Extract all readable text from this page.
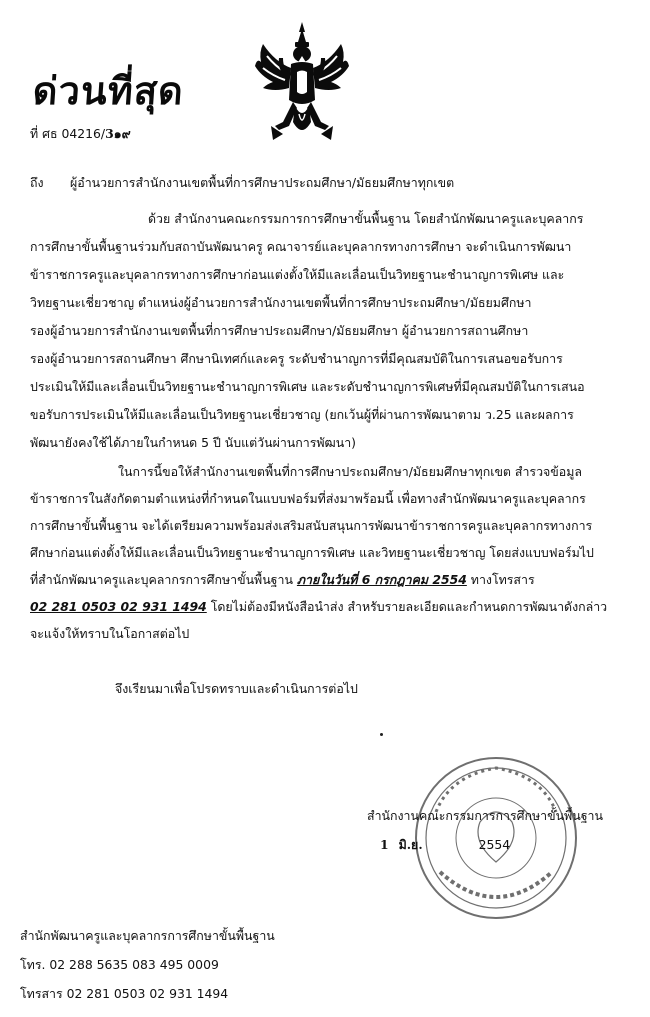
ด่วนที่สุด
ที่ ศธ 04216/3๑๙
ถึง ผู้อำนวยการสำนักงานเขตพื้นที่การศึกษาประถมศึกษา/มัธยมศึกษาทุกเขต
ด้วย สำนักงานคณะกรรมการการศึกษาขั้นพื้นฐาน โดยสำนักพัฒนาครูและบุคลากร
การศึกษาขั้นพื้นฐานร่วมกับสถาบันพัฒนาครู คณาจารย์และบุคลากรทางการศึกษา จะดำเนินการพัฒนา
ข้าราชการครูและบุคลากรทางการศึกษาก่อนแต่งตั้งให้มีและเลื่อนเป็นวิทยฐานะชำนาญการพิเศษ และ
วิทยฐานะเชี่ยวชาญ ตำแหน่งผู้อำนวยการสำนักงานเขตพื้นที่การศึกษาประถมศึกษา/มัธยมศึกษา
รองผู้อำนวยการสำนักงานเขตพื้นที่การศึกษาประถมศึกษา/มัธยมศึกษา ผู้อำนวยการสถานศึกษา
รองผู้อำนวยการสถานศึกษา ศึกษานิเทศก์และครู ระดับชำนาญการที่มีคุณสมบัติในการเสนอขอรับการ
ประเมินให้มีและเลื่อนเป็นวิทยฐานะชำนาญการพิเศษ และระดับชำนาญการพิเศษที่มีคุณสมบัติในการเสนอ
ขอรับการประเมินให้มีและเลื่อนเป็นวิทยฐานะเชี่ยวชาญ (ยกเว้นผู้ที่ผ่านการพัฒนาตาม ว.25 และผลการ
พัฒนายังคงใช้ได้ภายในกำหนด 5 ปี นับแต่วันผ่านการพัฒนา)
ในการนี้ขอให้สำนักงานเขตพื้นที่การศึกษาประถมศึกษา/มัธยมศึกษาทุกเขต สำรวจข้อมูล
ข้าราชการในสังกัดตามตำแหน่งที่กำหนดในแบบฟอร์มที่ส่งมาพร้อมนี้ เพื่อทางสำนักพัฒนาครูและบุคลากร
การศึกษาขั้นพื้นฐาน จะได้เตรียมความพร้อมส่งเสริมสนับสนุนการพัฒนาข้าราชการครูและบุคลากรทางการ
ศึกษาก่อนแต่งตั้งให้มีและเลื่อนเป็นวิทยฐานะชำนาญการพิเศษ และวิทยฐานะเชี่ยวชาญ โดยส่งแบบฟอร์มไป
ที่สำนักพัฒนาครูและบุคลากรการศึกษาขั้นพื้นฐาน ภายในวันที่ 6 กรกฎาคม 2554 ทางโทรสาร
02 281 0503 02 931 1494 โดยไม่ต้องมีหนังสือนำส่ง สำหรับรายละเอียดและกำหนดการพัฒนาดังกล่าว
จะแจ้งให้ทราบในโอกาสต่อไป
จึงเรียนมาเพื่อโปรดทราบและดำเนินการต่อไป
สำนักงานคณะกรรมการการศึกษาขั้นพื้นฐาน
1 มิ.ย.	2554
สำนักพัฒนาครูและบุคลากรการศึกษาขั้นพื้นฐาน
โทร. 02 288 5635 083 495 0009
โทรสาร 02 281 0503 02 931 1494
